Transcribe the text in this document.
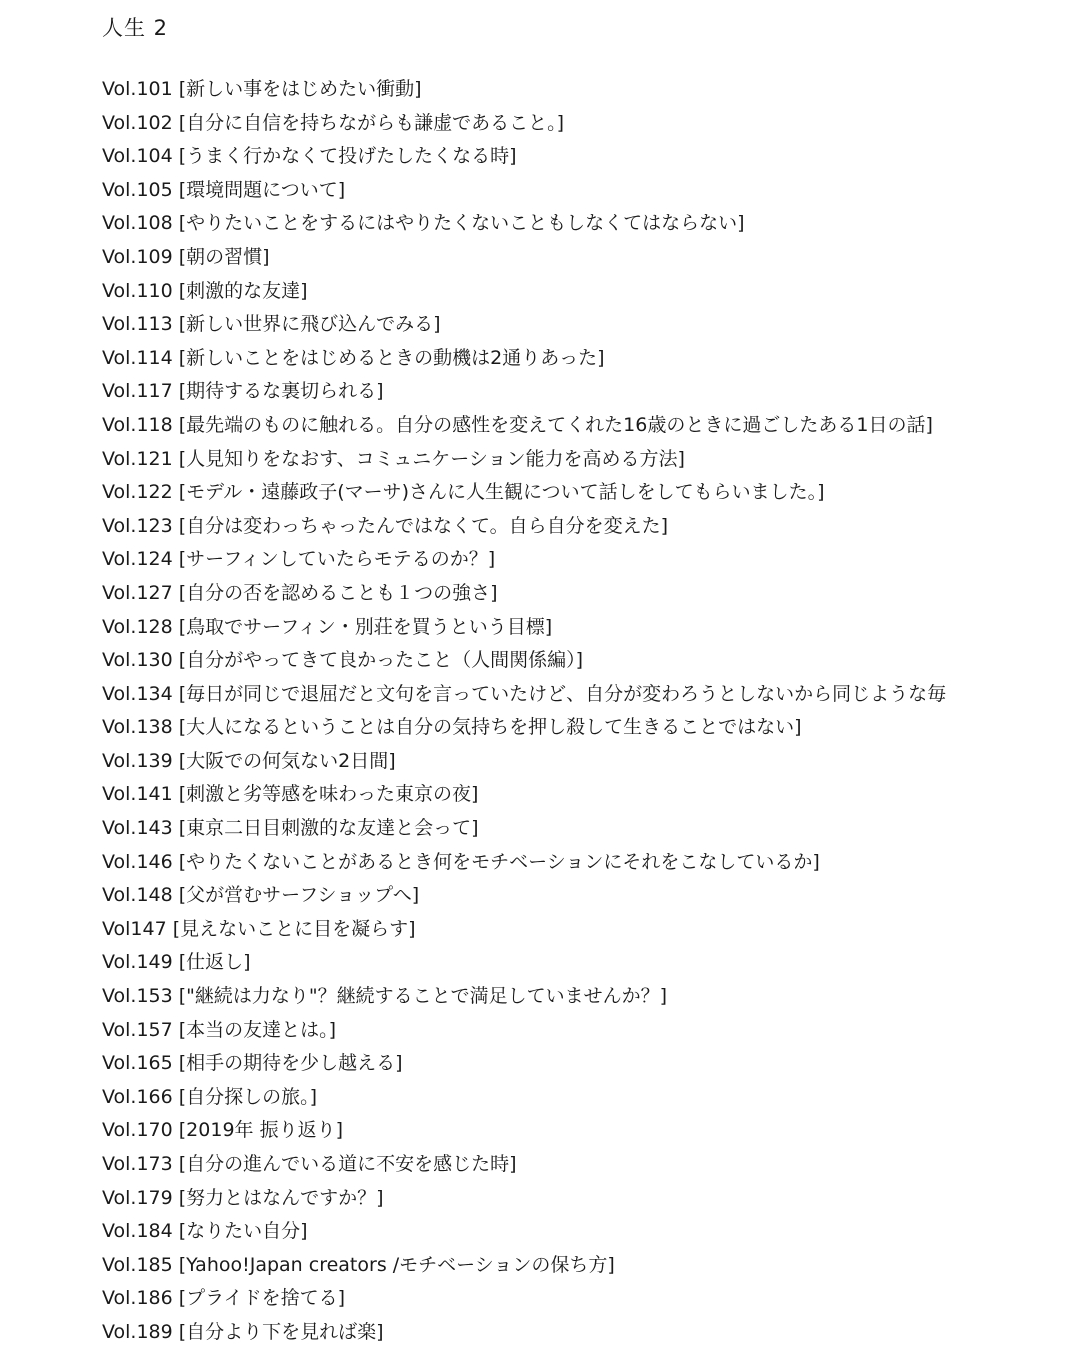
人生 2
Vol.101 [新しい事をはじめたい衝動]
Vol.102 [自分に自信を持ちながらも謙虚であること。]
Vol.104 [うまく行かなくて投げたしたくなる時]
Vol.105 [環境問題について]
Vol.108 [やりたいことをするにはやりたくないこともしなくてはならない]
Vol.109 [朝の習慣]
Vol.110 [刺激的な友達]
Vol.113 [新しい世界に飛び込んでみる]
Vol.114 [新しいことをはじめるときの動機は2通りあった]
Vol.117 [期待するな裏切られる]
Vol.118 [最先端のものに触れる。自分の感性を変えてくれた16歳のときに過ごしたある1日の話]
Vol.121 [人見知りをなおす、コミュニケーション能力を高める方法]
Vol.122 [モデル・遠藤政子(マーサ)さんに人生観について話しをしてもらいました。]
Vol.123 [自分は変わっちゃったんではなくて。自ら自分を変えた]
Vol.124 [サーフィンしていたらモテるのか？]
Vol.127 [自分の否を認めることも１つの強さ]
Vol.128 [鳥取でサーフィン・別荘を買うという目標]
Vol.130 [自分がやってきて良かったこと（人間関係編）]
Vol.134 [毎日が同じで退屈だと文句を言っていたけど、自分が変わろうとしないから同じような毎
Vol.138 [大人になるということは自分の気持ちを押し殺して生きることではない]
Vol.139 [大阪での何気ない2日間]
Vol.141 [刺激と劣等感を味わった東京の夜]
Vol.143 [東京二日目刺激的な友達と会って]
Vol.146 [やりたくないことがあるとき何をモチベーションにそれをこなしているか]
Vol.148 [父が営むサーフショップへ]
Vol147 [見えないことに目を凝らす]
Vol.149 [仕返し]
Vol.153 ["継続は力なり"？継続することで満足していませんか？]
Vol.157 [本当の友達とは。]
Vol.165 [相手の期待を少し越える]
Vol.166 [自分探しの旅。]
Vol.170 [2019年 振り返り]
Vol.173 [自分の進んでいる道に不安を感じた時]
Vol.179 [努力とはなんですか？]
Vol.184 [なりたい自分]
Vol.185 [Yahoo!Japan creators /モチベーションの保ち方]
Vol.186 [プライドを捨てる]
Vol.189 [自分より下を見れば楽]
